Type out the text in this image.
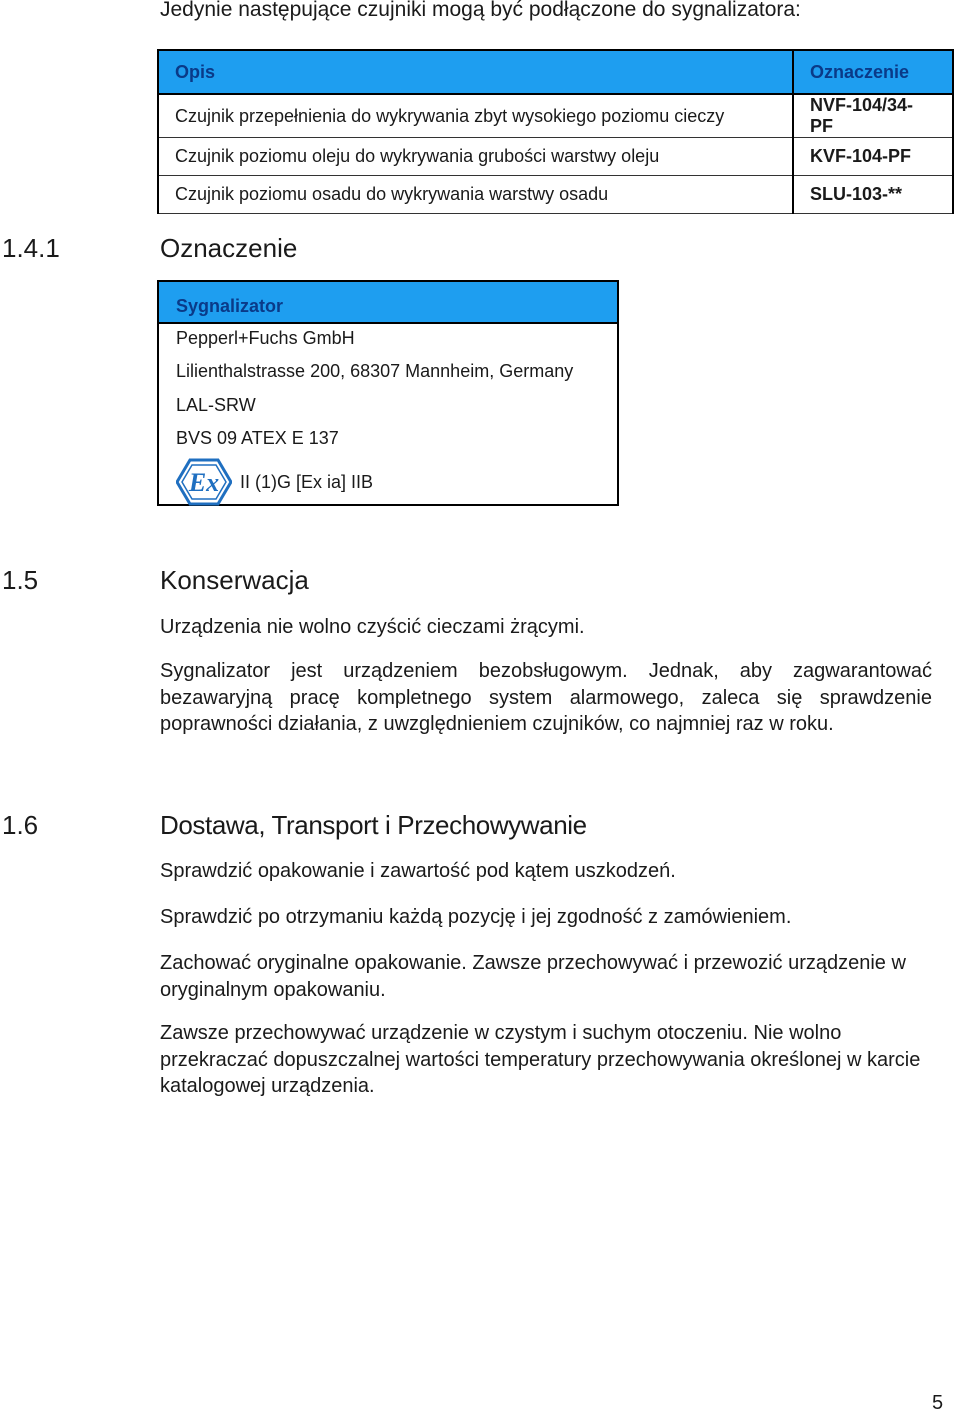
Jedynie następujące czujniki mogą być podłączone do sygnalizatora:
Opis	Oznaczenie
Czujnik przepełnienia do wykrywania zbyt wysokiego poziomu cieczy	NVF-104/34-PF
Czujnik poziomu oleju do wykrywania grubości warstwy oleju	KVF-104-PF
Czujnik poziomu osadu do wykrywania warstwy osadu	SLU-103-**
1.4.1	Oznaczenie
Sygnalizator
Pepperl+Fuchs GmbH
Lilienthalstrasse 200, 68307 Mannheim, Germany
LAL-SRW
BVS 09 ATEX E 137
Ex II (1)G [Ex ia] IIB
1.5	Konserwacja
Urządzenia nie wolno czyścić cieczami żrącymi.
Sygnalizator jest urządzeniem bezobsługowym. Jednak, aby zagwarantować bezawaryjną pracę kompletnego system alarmowego, zaleca się sprawdzenie poprawności działania, z uwzględnieniem czujników, co najmniej raz w roku.
1.6	Dostawa, Transport i Przechowywanie
Sprawdzić opakowanie i zawartość pod kątem uszkodzeń.
Sprawdzić po otrzymaniu każdą pozycję i jej zgodność z zamówieniem.
Zachować oryginalne opakowanie. Zawsze przechowywać i przewozić urządzenie w oryginalnym opakowaniu.
Zawsze przechowywać urządzenie w czystym i suchym otoczeniu. Nie wolno przekraczać dopuszczalnej wartości temperatury przechowywania określonej w karcie katalogowej urządzenia.
5
